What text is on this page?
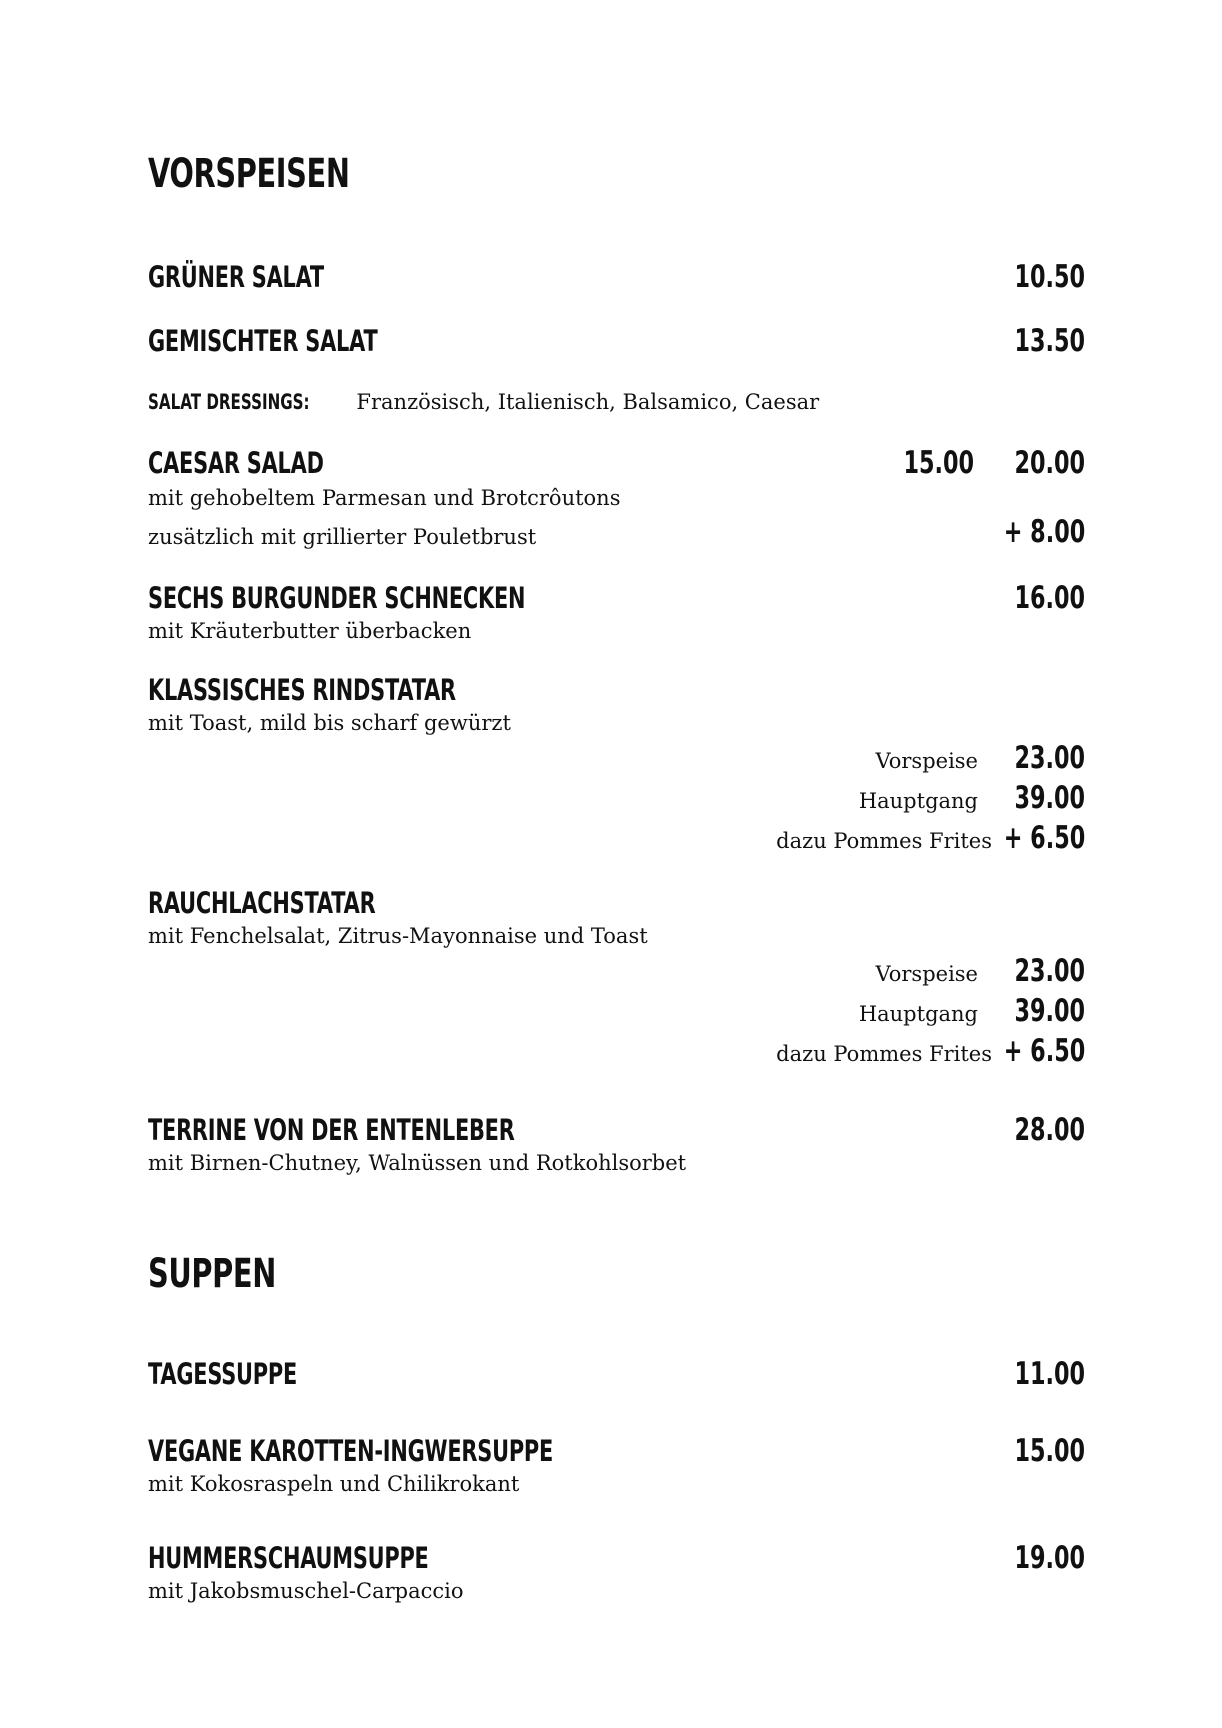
VORSPEISEN
GRÜNER SALAT	10.50
GEMISCHTER SALAT	13.50
SALAT DRESSINGS: Französisch, Italienisch, Balsamico, Caesar
CAESAR SALAD	15.00 20.00
mit gehobeltem Parmesan und Brotcrôutons
zusätzlich mit grillierter Pouletbrust	+ 8.00
SECHS BURGUNDER SCHNECKEN	16.00
mit Kräuterbutter überbacken
KLASSISCHES RINDSTATAR
mit Toast, mild bis scharf gewürzt
Vorspeise 23.00
Hauptgang 39.00
dazu Pommes Frites + 6.50
RAUCHLACHSTATAR
mit Fenchelsalat, Zitrus-Mayonnaise und Toast
Vorspeise 23.00
Hauptgang 39.00
dazu Pommes Frites + 6.50
TERRINE VON DER ENTENLEBER	28.00
mit Birnen-Chutney, Walnüssen und Rotkohlsorbet
SUPPEN
TAGESSUPPE	11.00
VEGANE KAROTTEN-INGWERSUPPE	15.00
mit Kokosraspeln und Chilikrokant
HUMMERSCHAUMSUPPE	19.00
mit Jakobsmuschel-Carpaccio
